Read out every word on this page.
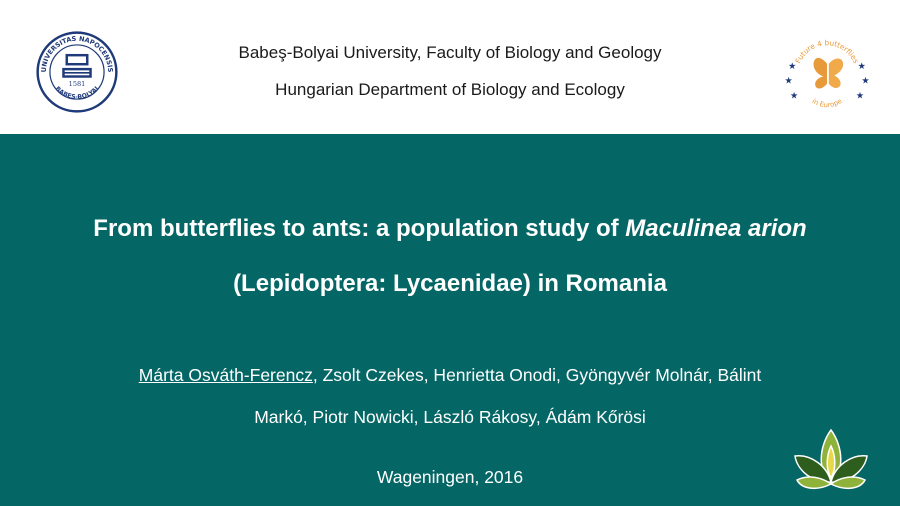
UNIVERSITAS NAPOCENSIS
BABES-BOLYAI
1581
Babeş-Bolyai University, Faculty of Biology and Geology
Hungarian Department of Biology and Ecology
Future 4 butterflies
in Europe
★
★
★
★
★
★
From butterflies to ants: a population study of Maculinea arion
(Lepidoptera: Lycaenidae) in Romania
Márta Osváth-Ferencz, Zsolt Czekes, Henrietta Onodi, Gyöngyvér Molnár, Bálint
Markó, Piotr Nowicki, László Rákosy, Ádám Kőrösi
Wageningen, 2016
